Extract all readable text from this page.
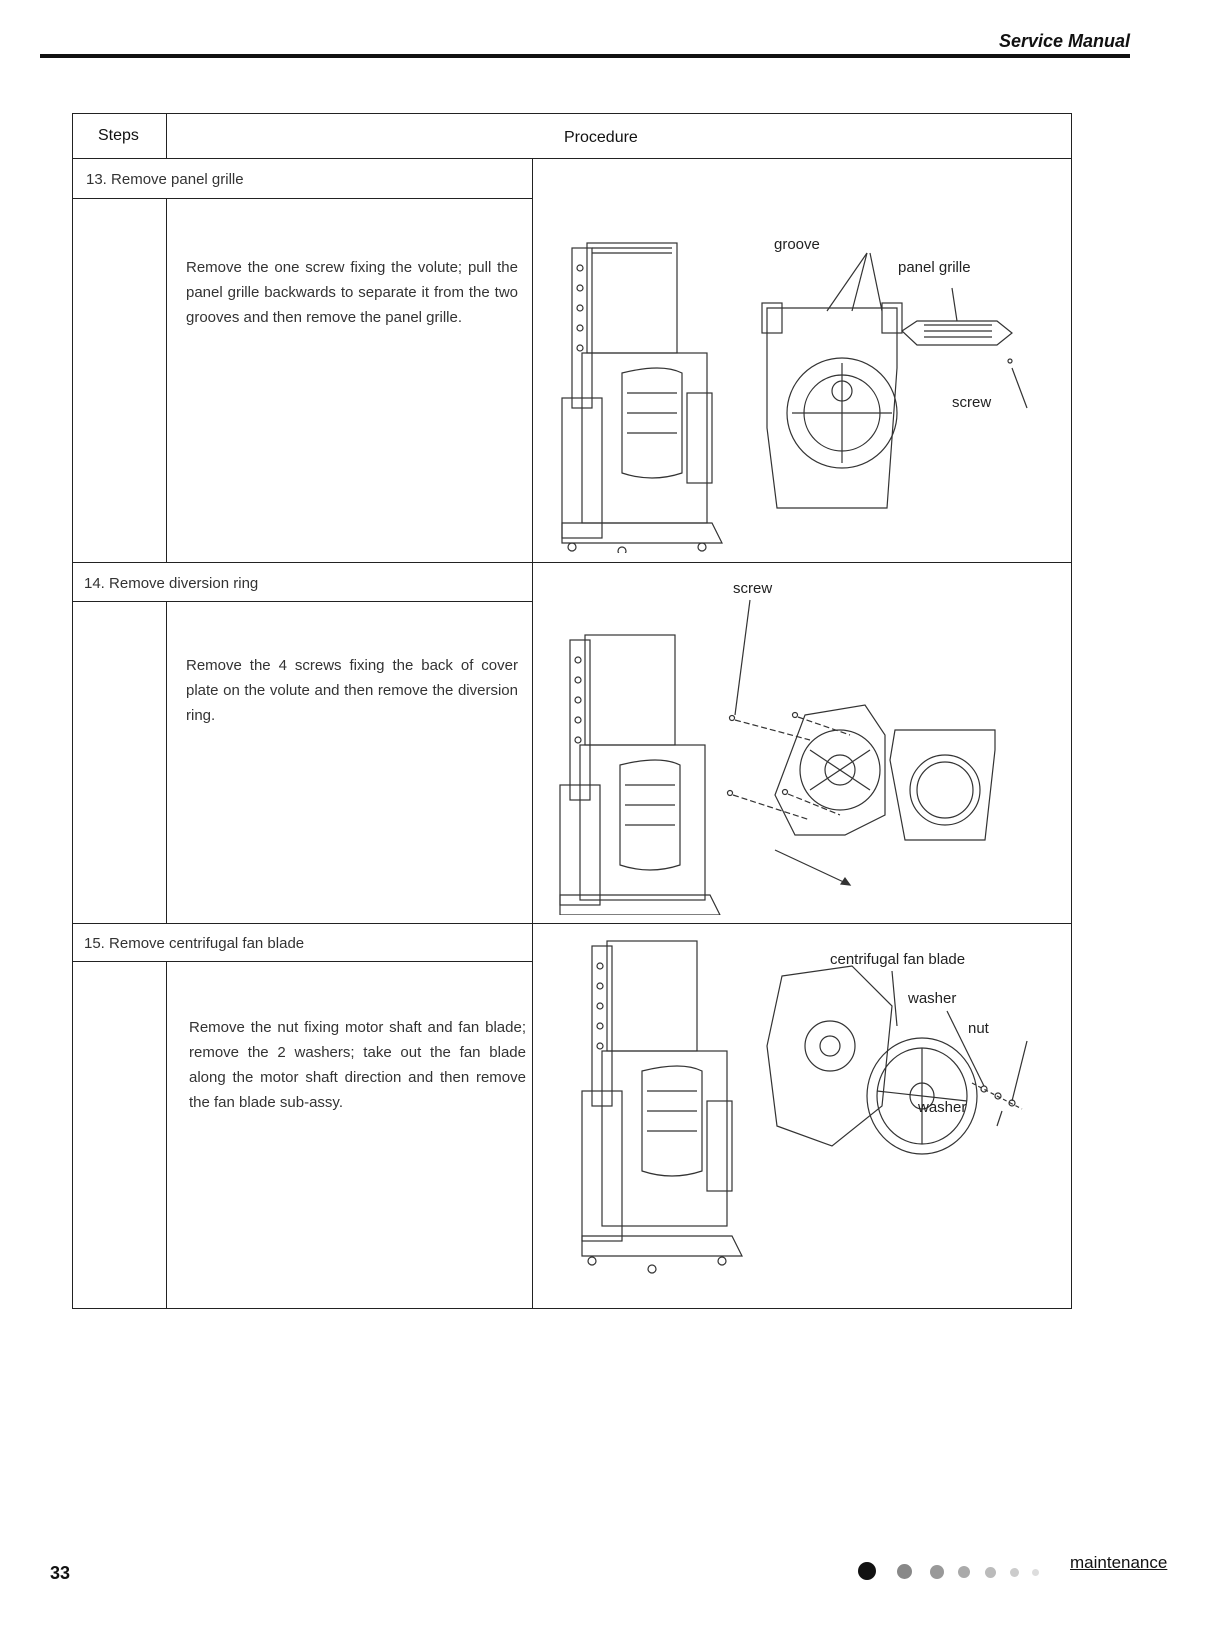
Service Manual
Steps	Procedure
13. Remove panel grille
Remove the one screw fixing the volute; pull the panel grille backwards to separate it from the two grooves and then remove the panel grille.
14. Remove diversion ring
Remove the 4 screws fixing the back of cover plate on the volute and then remove the diversion ring.
15. Remove centrifugal fan blade
Remove the nut fixing motor shaft and fan blade; remove the 2 washers; take out the fan blade along the motor shaft direction and then remove the fan blade sub-assy.
groove
panel grille
screw
screw
centrifugal fan blade
washer
nut
washer
33
maintenance
